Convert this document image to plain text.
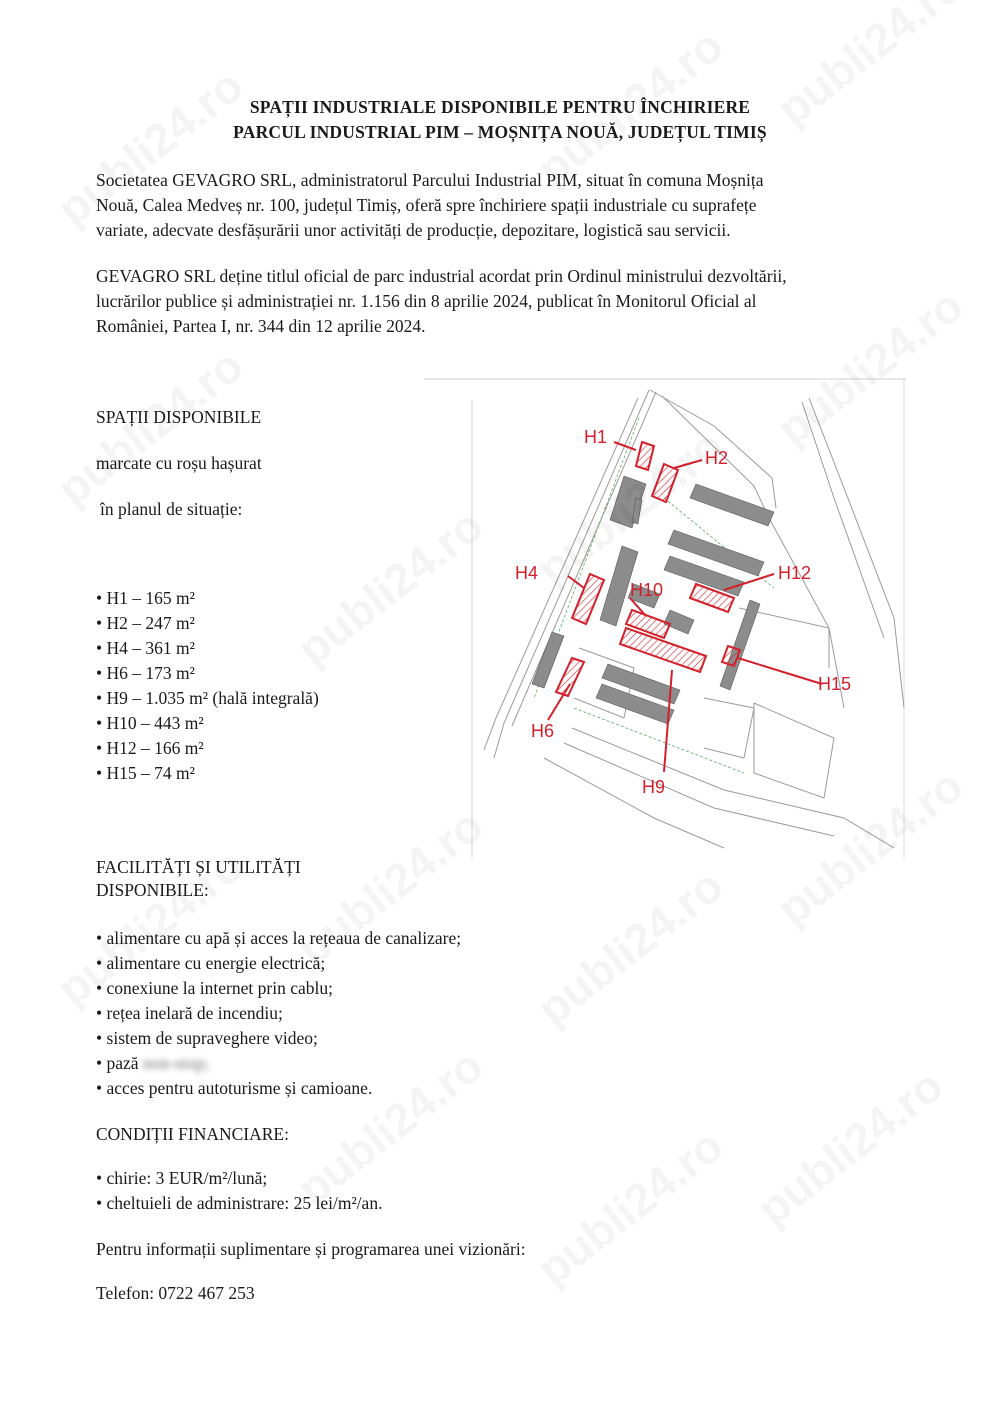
SPAȚII INDUSTRIALE DISPONIBILE PENTRU ÎNCHIRIERE
PARCUL INDUSTRIAL PIM – MOȘNIȚA NOUĂ, JUDEȚUL TIMIȘ
Societatea GEVAGRO SRL, administratorul Parcului Industrial PIM, situat în comuna Moșnița
Nouă, Calea Medveș nr. 100, județul Timiș, oferă spre închiriere spații industriale cu suprafețe
variate, adecvate desfășurării unor activități de producție, depozitare, logistică sau servicii.
GEVAGRO SRL deține titlul oficial de parc industrial acordat prin Ordinul ministrului dezvoltării,
lucrărilor publice și administrației nr. 1.156 din 8 aprilie 2024, publicat în Monitorul Oficial al
României, Partea I, nr. 344 din 12 aprilie 2024.
SPAȚII DISPONIBILE
marcate cu roșu hașurat
în planul de situație:
• H1 – 165 m²
• H2 – 247 m²
• H4 – 361 m²
• H6 – 173 m²
• H9 – 1.035 m² (hală integrală)
• H10 – 443 m²
• H12 – 166 m²
• H15 – 74 m²
H1
H2
H4
H10
H12
H15
H6
H9
FACILITĂȚI ȘI UTILITĂȚI
DISPONIBILE:
• alimentare cu apă și acces la rețeaua de canalizare;
• alimentare cu energie electrică;
• conexiune la internet prin cablu;
• rețea inelară de incendiu;
• sistem de supraveghere video;
• pază non-stop;
• acces pentru autoturisme și camioane.
CONDIȚII FINANCIARE:
• chirie: 3 EUR/m²/lună;
• cheltuieli de administrare: 25 lei/m²/an.
Pentru informații suplimentare și programarea unei vizionări:
Telefon: 0722 467 253
